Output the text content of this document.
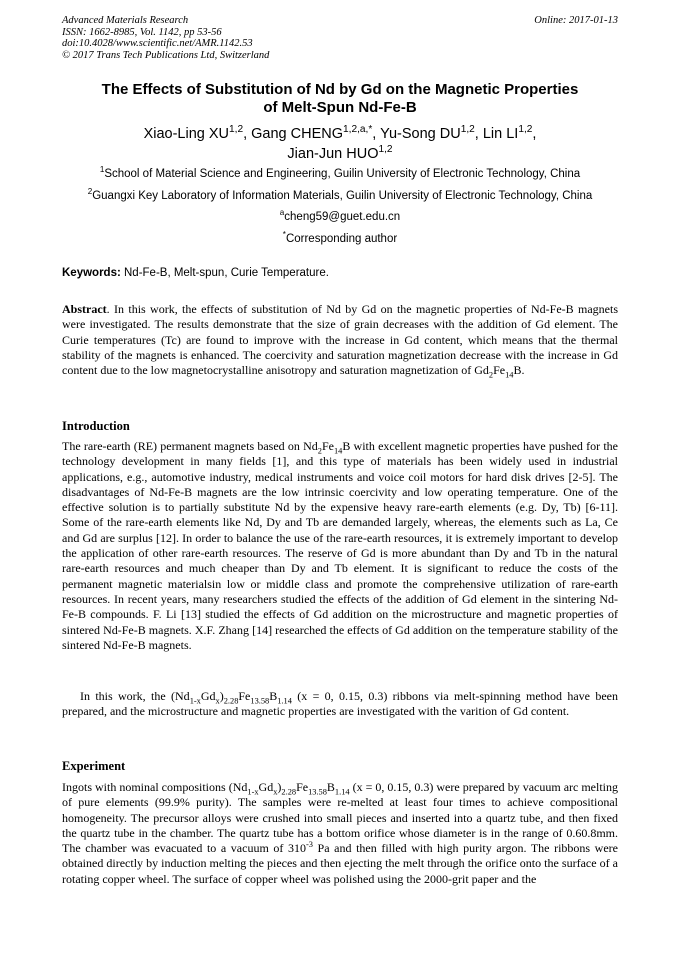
Advanced Materials Research
ISSN: 1662-8985, Vol. 1142, pp 53-56
doi:10.4028/www.scientific.net/AMR.1142.53
© 2017 Trans Tech Publications Ltd, Switzerland
Online: 2017-01-13
The Effects of Substitution of Nd by Gd on the Magnetic Properties
of Melt-Spun Nd-Fe-B
Xiao-Ling XU$^{1,2}$, Gang $CHENG^{1,2,a,*}$, Yu-Song DU$^{1,2}$, Lin LI$^{1,2}$,
Jian-Jun HUO$^{1,2}$
$^1$School of Material Science and Engineering, Guilin University of Electronic Technology, China
$^2$Guangxi Key Laboratory of Information Materials, Guilin University of Electronic Technology, China
$^a$cheng59@guet.edu.cn
*Corresponding author
Keywords: Nd-Fe-B, Melt-spun, Curie Temperature.
Abstract. In this work, the effects of substitution of Nd by Gd on the magnetic properties of Nd-Fe-B magnets were investigated. The results demonstrate that the size of grain decreases with the addition of Gd element. The Curie temperatures (Tc) are found to improve with the increase in Gd content, which means that the thermal stability of the magnets is enhanced. The coercivity and saturation magnetization decrease with the increase in Gd content due to the low magnetocrystalline anisotropy and saturation magnetization of $Gd_2Fe_{14}B$.
Introduction
The rare-earth (RE) permanent magnets based on $Nd_2Fe_{14}B$ with excellent magnetic properties have pushed for the technology development in many fields [1], and this type of materials has been widely used in industrial applications, e.g., automotive industry, medical instruments and voice coil motors for hard disk drives [2-5]. The disadvantages of Nd-Fe-B magnets are the low intrinsic coercivity and low operating temperature. One of the effective solution is to partially substitute Nd by the expensive heavy rare-earth elements (e.g. Dy, Tb) [6-11]. Some of the rare-earth elements like Nd, Dy and Tb are demanded largely, whereas, the elements such as La, Ce and Gd are surplus [12]. In order to balance the use of the rare-earth resources, it is extremely important to develop the application of other rare-earth resources. The reserve of Gd is more abundant than Dy and Tb in the natural rare-earth resources and much cheaper than Dy and Tb element. It is significant to reduce the costs of the permanent magnetic materialsin low or middle class and promote the comprehensive utilization of rare-earth resources. In recent years, many researchers studied the effects of the addition of Gd element in the sintering Nd-Fe-B compounds. F. Li [13] studied the effects of Gd addition on the microstructure and magnetic properties of sintered Nd-Fe-B magnets. X.F. Zhang [14] researched the effects of Gd addition on the temperature stability of the sintered Nd-Fe-B magnets.
In this work, the $(Nd_{1-x}Gd_x)_{2.28}Fe_{13.58}B_{1.14}$ (x = 0, 0.15, 0.3) ribbons via melt-spinning method have been prepared, and the microstructure and magnetic properties are investigated with the varition of Gd content.
Experiment
Ingots with nominal compositions $(Nd_{1-x}Gd_x)_{2.28}Fe_{13.58}B_{1.14}$ (x = 0, 0.15, 0.3) were prepared by vacuum arc melting of pure elements (99.9% purity). The samples were re-melted at least four times to achieve compositional homogeneity. The precursor alloys were crushed into small pieces and inserted into a quartz tube, and then fixed the quartz tube in the chamber. The quartz tube has a bottom orifice whose diameter is in the range of 0.60.8mm. The chamber was evacuated to a vacuum of $310^{-3}$ Pa and then filled with high purity argon. The ribbons were obtained directly by induction melting the pieces and then ejecting the melt through the orifice onto the surface of a rotating copper wheel. The surface of copper wheel was polished using the 2000-grit paper and the
